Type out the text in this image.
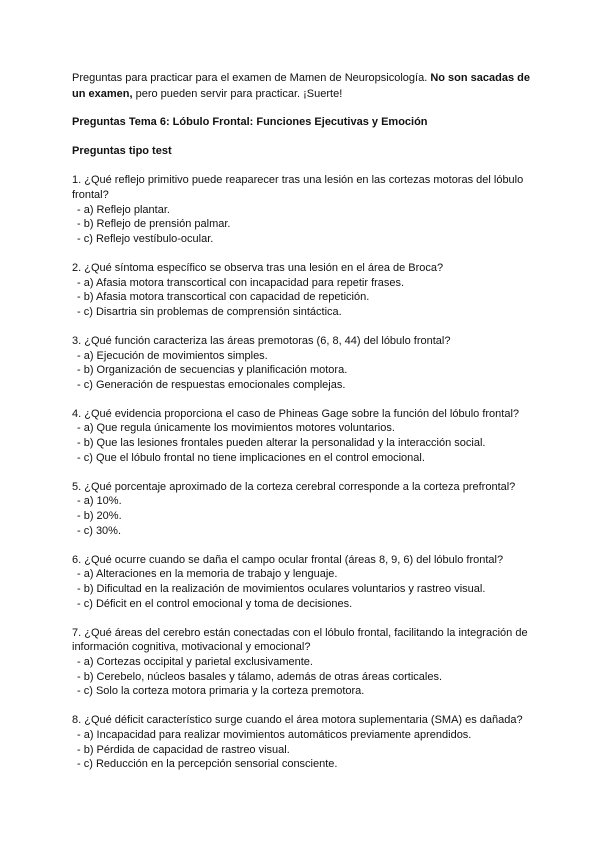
Preguntas para practicar para el examen de Mamen de Neuropsicología. No son sacadas de un examen, pero pueden servir para practicar. ¡Suerte!

Preguntas Tema 6: Lóbulo Frontal: Funciones Ejecutivas y Emoción
Preguntas tipo test
1. ¿Qué reflejo primitivo puede reaparecer tras una lesión en las cortezas motoras del lóbulo frontal?
- a) Reflejo plantar.
- b) Reflejo de prensión palmar.
- c) Reflejo vestíbulo-ocular.
2. ¿Qué síntoma específico se observa tras una lesión en el área de Broca?
- a) Afasia motora transcortical con incapacidad para repetir frases.
- b) Afasia motora transcortical con capacidad de repetición.
- c) Disartria sin problemas de comprensión sintáctica.
3. ¿Qué función caracteriza las áreas premotoras (6, 8, 44) del lóbulo frontal?
- a) Ejecución de movimientos simples.
- b) Organización de secuencias y planificación motora.
- c) Generación de respuestas emocionales complejas.
4. ¿Qué evidencia proporciona el caso de Phineas Gage sobre la función del lóbulo frontal?
- a) Que regula únicamente los movimientos motores voluntarios.
- b) Que las lesiones frontales pueden alterar la personalidad y la interacción social.
- c) Que el lóbulo frontal no tiene implicaciones en el control emocional.
5. ¿Qué porcentaje aproximado de la corteza cerebral corresponde a la corteza prefrontal?
- a) 10%.
- b) 20%.
- c) 30%.
6. ¿Qué ocurre cuando se daña el campo ocular frontal (áreas 8, 9, 6) del lóbulo frontal?
- a) Alteraciones en la memoria de trabajo y lenguaje.
- b) Dificultad en la realización de movimientos oculares voluntarios y rastreo visual.
- c) Déficit en el control emocional y toma de decisiones.
7. ¿Qué áreas del cerebro están conectadas con el lóbulo frontal, facilitando la integración de información cognitiva, motivacional y emocional?
- a) Cortezas occipital y parietal exclusivamente.
- b) Cerebelo, núcleos basales y tálamo, además de otras áreas corticales.
- c) Solo la corteza motora primaria y la corteza premotora.
8. ¿Qué déficit característico surge cuando el área motora suplementaria (SMA) es dañada?
- a) Incapacidad para realizar movimientos automáticos previamente aprendidos.
- b) Pérdida de capacidad de rastreo visual.
- c) Reducción en la percepción sensorial consciente.
